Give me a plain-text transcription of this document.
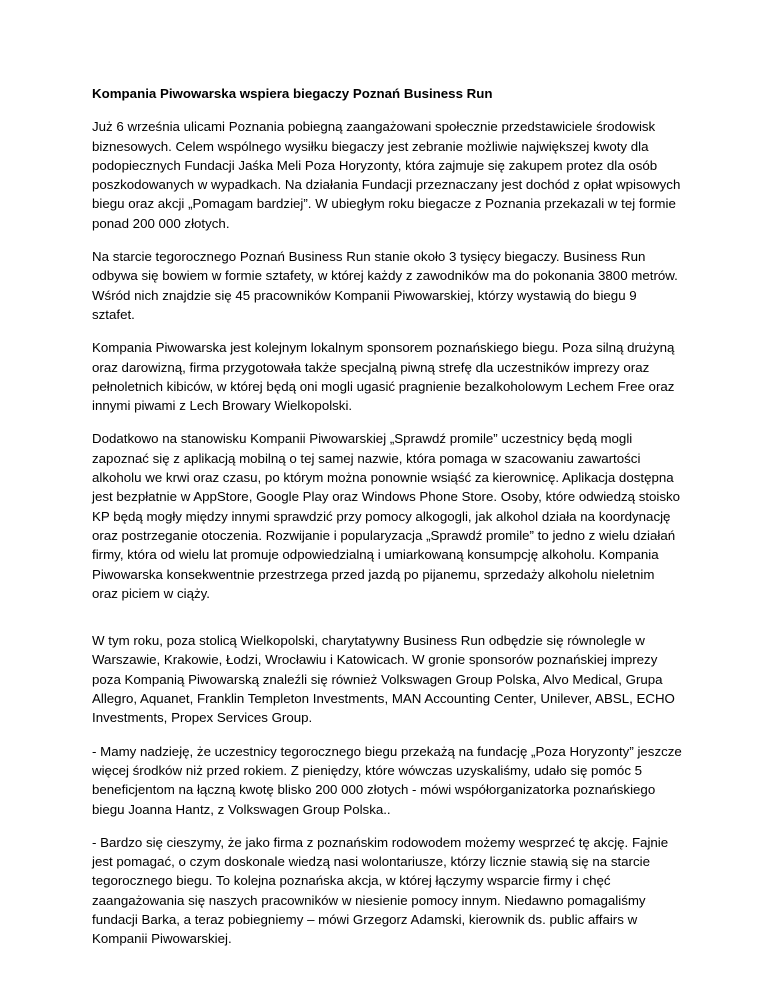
Kompania Piwowarska wspiera biegaczy Poznań Business Run

Już 6 września ulicami Poznania pobiegną zaangażowani społecznie przedstawiciele środowisk biznesowych. Celem wspólnego wysiłku biegaczy jest zebranie możliwie największej kwoty dla podopiecznych Fundacji Jaśka Meli Poza Horyzonty, która zajmuje się zakupem protez dla osób poszkodowanych w wypadkach. Na działania Fundacji przeznaczany jest dochód z opłat wpisowych biegu oraz akcji „Pomagam bardziej”. W ubiegłym roku biegacze z Poznania przekazali w tej formie ponad 200 000 złotych.

Na starcie tegorocznego Poznań Business Run stanie około 3 tysięcy biegaczy. Business Run odbywa się bowiem w formie sztafety, w której każdy z zawodników ma do pokonania 3800 metrów. Wśród nich znajdzie się 45 pracowników Kompanii Piwowarskiej, którzy wystawią do biegu 9 sztafet.

Kompania Piwowarska jest kolejnym lokalnym sponsorem poznańskiego biegu. Poza silną drużyną oraz darowizną, firma przygotowała także specjalną piwną strefę dla uczestników imprezy oraz pełnoletnich kibiców, w której będą oni mogli ugasić pragnienie bezalkoholowym Lechem Free oraz innymi piwami z Lech Browary Wielkopolski.

Dodatkowo na stanowisku Kompanii Piwowarskiej „Sprawdź promile” uczestnicy będą mogli zapoznać się z aplikacją mobilną o tej samej nazwie, która pomaga w szacowaniu zawartości alkoholu we krwi oraz czasu, po którym można ponownie wsiąść za kierownicę. Aplikacja dostępna jest bezpłatnie w AppStore, Google Play oraz Windows Phone Store. Osoby, które odwiedzą stoisko KP będą mogły między innymi sprawdzić przy pomocy alkogogli, jak alkohol działa na koordynację oraz postrzeganie otoczenia. Rozwijanie i popularyzacja „Sprawdź promile” to jedno z wielu działań firmy, która od wielu lat promuje odpowiedzialną i umiarkowaną konsumpcję alkoholu. Kompania Piwowarska konsekwentnie przestrzega przed jazdą po pijanemu, sprzedaży alkoholu nieletnim oraz piciem w ciąży.

W tym roku, poza stolicą Wielkopolski, charytatywny Business Run odbędzie się równolegle w Warszawie, Krakowie, Łodzi, Wrocławiu i Katowicach. W gronie sponsorów poznańskiej imprezy poza Kompanią Piwowarską znaleźli się również Volkswagen Group Polska, Alvo Medical, Grupa Allegro, Aquanet, Franklin Templeton Investments, MAN Accounting Center, Unilever, ABSL, ECHO Investments, Propex Services Group.

- Mamy nadzieję, że uczestnicy tegorocznego biegu przekażą na fundację „Poza Horyzonty” jeszcze więcej środków niż przed rokiem. Z pieniędzy, które wówczas uzyskaliśmy, udało się pomóc 5 beneficjentom na łączną kwotę blisko 200 000 złotych - mówi współorganizatorka poznańskiego biegu Joanna Hantz, z Volkswagen Group Polska..

- Bardzo się cieszymy, że jako firma z poznańskim rodowodem możemy wesprzeć tę akcję. Fajnie jest pomagać, o czym doskonale wiedzą nasi wolontariusze, którzy licznie stawią się na starcie tegorocznego biegu. To kolejna poznańska akcja, w której łączymy wsparcie firmy i chęć zaangażowania się naszych pracowników w niesienie pomocy innym. Niedawno pomagaliśmy fundacji Barka, a teraz pobiegniemy – mówi Grzegorz Adamski, kierownik ds. public affairs w Kompanii Piwowarskiej.
